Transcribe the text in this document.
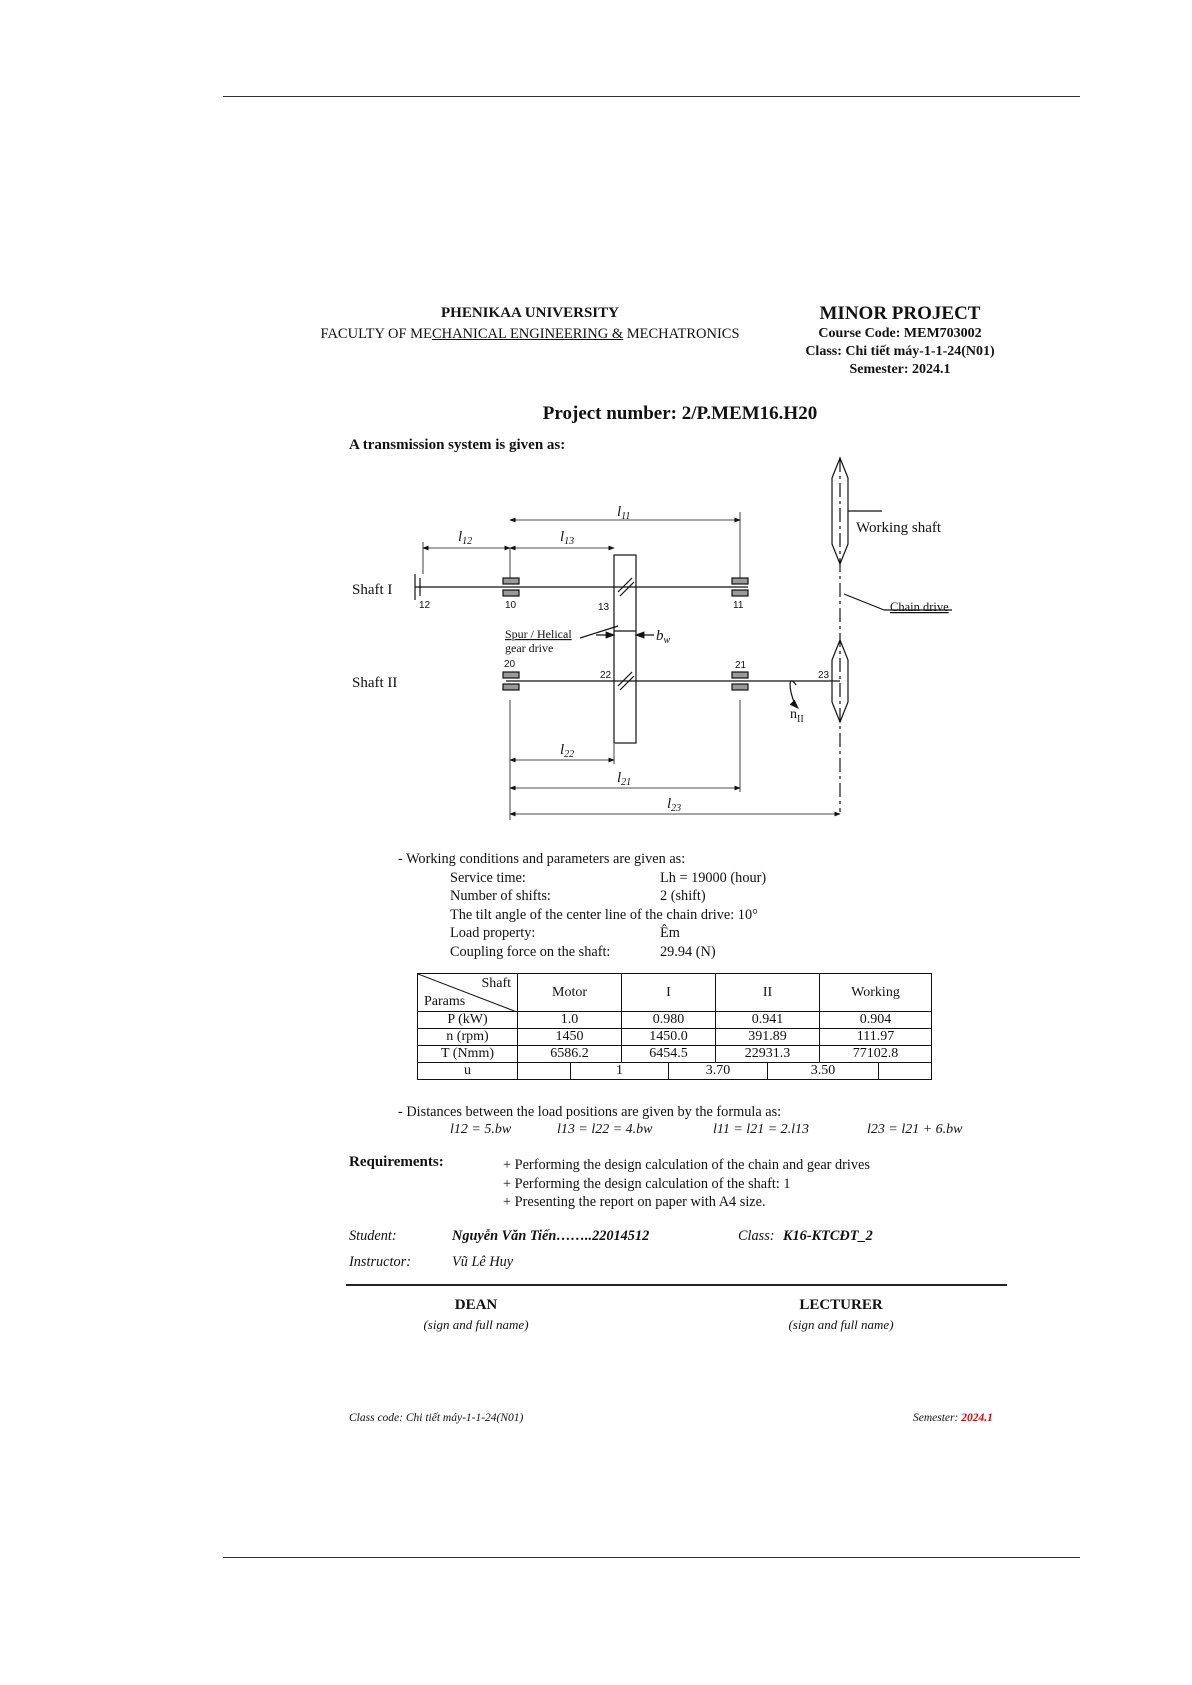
PHENIKAA UNIVERSITY
FACULTY OF MECHANICAL ENGINEERING & MECHATRONICS
MINOR PROJECT
Course Code: MEM703002
Class: Chi tiết máy-1-1-24(N01)
Semester: 2024.1
Project number: 2/P.MEM16.H20
A transmission system is given as:
Shaft I
Shaft II
Working shaft
Chain drive
Spur / Helical
gear drive
$b_w$
$n_{II}$
12	10	13	11
20
22
21
23
$l_{11}$
$l_{12}$	$l_{13}$
$l_{22}$
$l_{21}$
$l_{23}$
- Working conditions and parameters are given as:
Service time:	Lh = 19000 (hour)
Number of shifts:	2 (shift)
The tilt angle of the center line of the chain drive: 10°
Load property:	Êm
Coupling force on the shaft:	29.94 (N)
Shaft
Params	Motor		I		II		Working	
P (kW)	1.0		0.980		0.941		0.904	
n (rpm)	1450		1450.0		391.89		111.97	
T (Nmm)	6586.2		6454.5		22931.3		77102.8	
u		1		3.70		3.50		
- Distances between the load positions are given by the formula as:
l12 = 5.bw	l13 = l22 = 4.bw	l11 = l21 = 2.l13	l23 = l21 + 6.bw
Requirements:	+ Performing the design calculation of the chain and gear drives
+ Performing the design calculation of the shaft: 1
+ Presenting the report on paper with A4 size.
Student:	Nguyễn Văn Tiến……..22014512	Class: K16-KTCĐT_2
Instructor:	Vũ Lê Huy
DEAN
(sign and full name)
LECTURER
(sign and full name)
Class code: Chi tiết máy-1-1-24(N01)	Semester: 2024.1
